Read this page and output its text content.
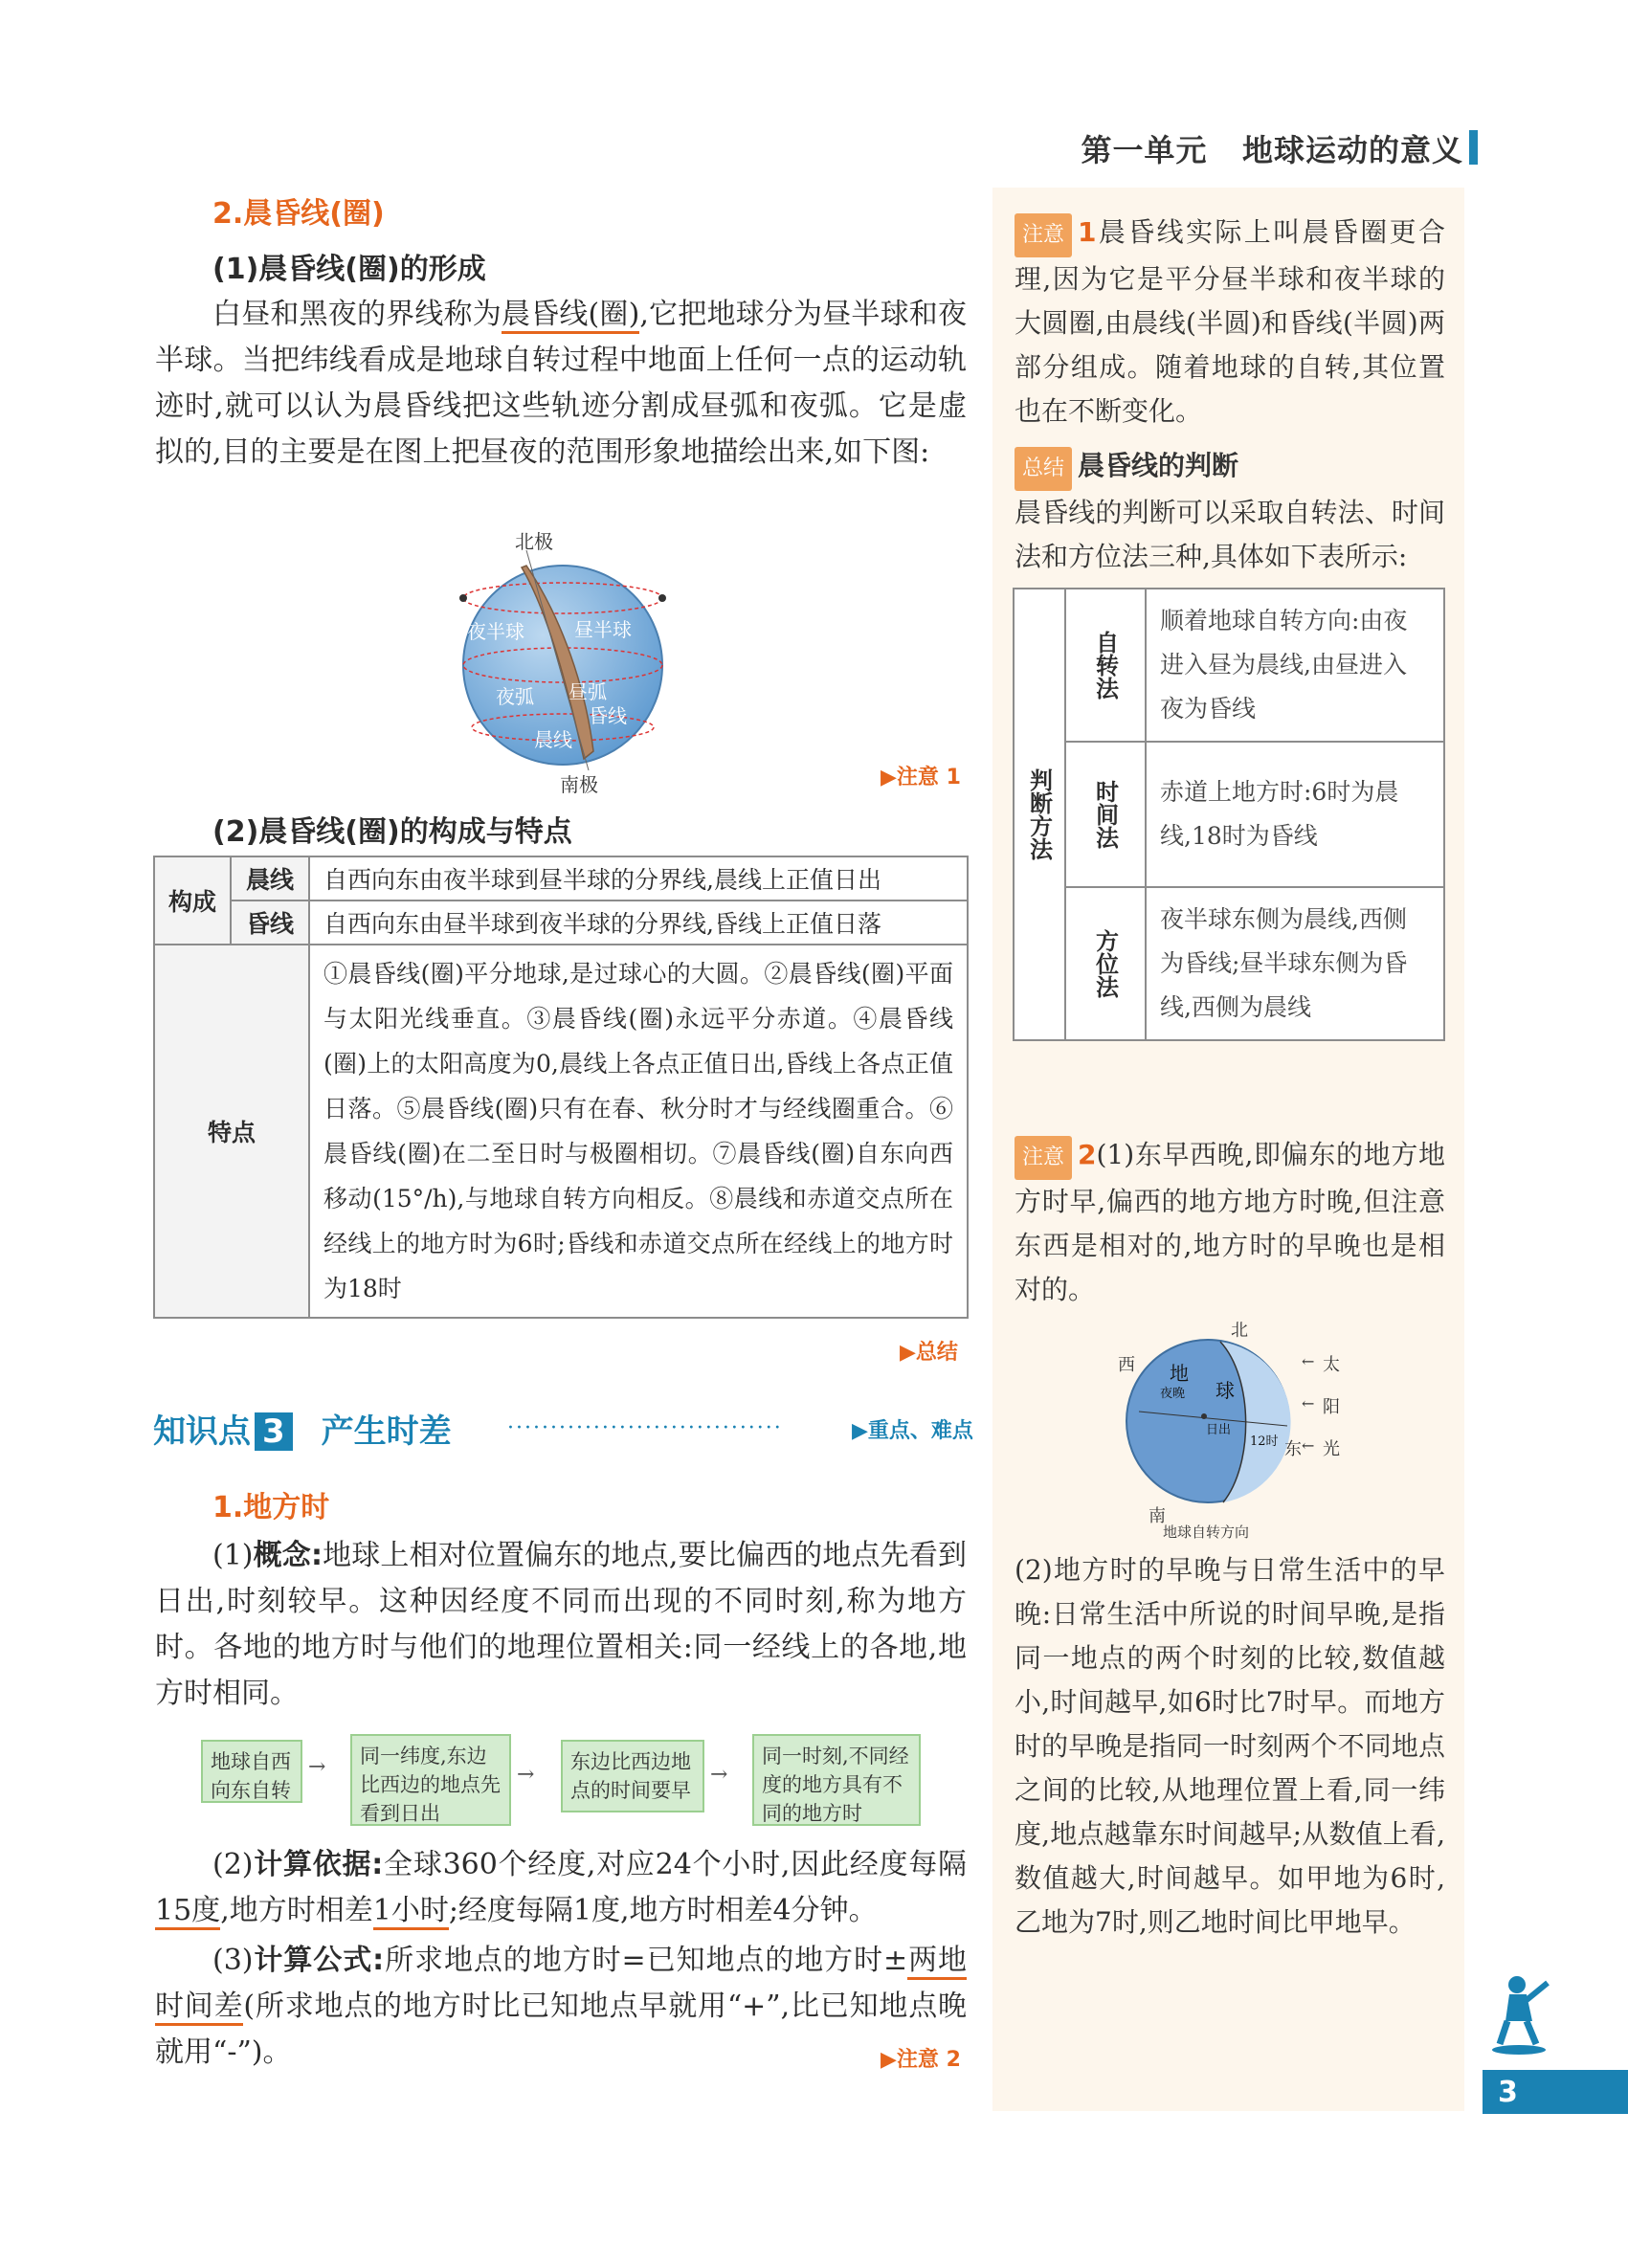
第一单元 地球运动的意义
2.晨昏线(圈)
(1)晨昏线(圈)的形成
白昼和黑夜的界线称为晨昏线(圈),它把地球分为昼半球和夜半球。当把纬线看成是地球自转过程中地面上任何一点的运动轨迹时,就可以认为晨昏线把这些轨迹分割成昼弧和夜弧。它是虚拟的,目的主要是在图上把昼夜的范围形象地描绘出来,如下图:
北极
南极
夜半球	昼半球
夜弧 昼弧
昏线
晨线
▶注意 1
(2)晨昏线(圈)的构成与特点
构成	晨线	自西向东由夜半球到昼半球的分界线,晨线上正值日出
	昏线	自西向东由昼半球到夜半球的分界线,昏线上正值日落
特点		①晨昏线(圈)平分地球,是过球心的大圆。②晨昏线(圈)平面与太阳光线垂直。③晨昏线(圈)永远平分赤道。④晨昏线(圈)上的太阳高度为0,晨线上各点正值日出,昏线上各点正值日落。⑤晨昏线(圈)只有在春、秋分时才与经线圈重合。⑥晨昏线(圈)在二至日时与极圈相切。⑦晨昏线(圈)自东向西移动(15°/h),与地球自转方向相反。⑧晨线和赤道交点所在经线上的地方时为6时;昏线和赤道交点所在经线上的地方时为18时
▶总结
知识点 3 产生时差	································	▶重点、难点
1.地方时
(1)概念:地球上相对位置偏东的地点,要比偏西的地点先看到日出,时刻较早。这种因经度不同而出现的不同时刻,称为地方时。各地的地方时与他们的地理位置相关:同一经线上的各地,地方时相同。
地球自西向东自转
→	同一纬度,东边比西边的地点先看到日出
→
东边比西边地点的时间要早
→
同一时刻,不同经度的地方具有不同的地方时
(2)计算依据:全球360个经度,对应24个小时,因此经度每隔15度,地方时相差1小时;经度每隔1度,地方时相差4分钟。
(3)计算公式:所求地点的地方时=已知地点的地方时±两地时间差(所求地点的地方时比已知地点早就用“+”,比已知地点晚就用“-”)。	▶注意 2
注意 1晨昏线实际上叫晨昏圈更合理,因为它是平分昼半球和夜半球的大圆圈,由晨线(半圆)和昏线(半圆)两部分组成。随着地球的自转,其位置也在不断变化。
总结 晨昏线的判断
晨昏线的判断可以采取自转法、时间法和方位法三种,具体如下表所示:
判断方法	自转法	顺着地球自转方向:由夜进入昼为晨线,由昼进入夜为昏线
	时间法	赤道上地方时:6时为晨线,18时为昏线
	方位法	夜半球东侧为晨线,西侧为昏线;昼半球东侧为昏线,西侧为晨线
注意 2(1)东早西晚,即偏东的地方地方时早,偏西的地方地方时晚,但注意东西是相对的,地方时的早晚也是相对的。
北
南
西
东
地
球
夜晚
日出
12时
太
阳
光
←
←
←
地球自转方向
(2)地方时的早晚与日常生活中的早晚:日常生活中所说的时间早晚,是指同一地点的两个时刻的比较,数值越小,时间越早,如6时比7时早。而地方时的早晚是指同一时刻两个不同地点之间的比较,从地理位置上看,同一纬度,地点越靠东时间越早;从数值上看,数值越大,时间越早。如甲地为6时,乙地为7时,则乙地时间比甲地早。
3
